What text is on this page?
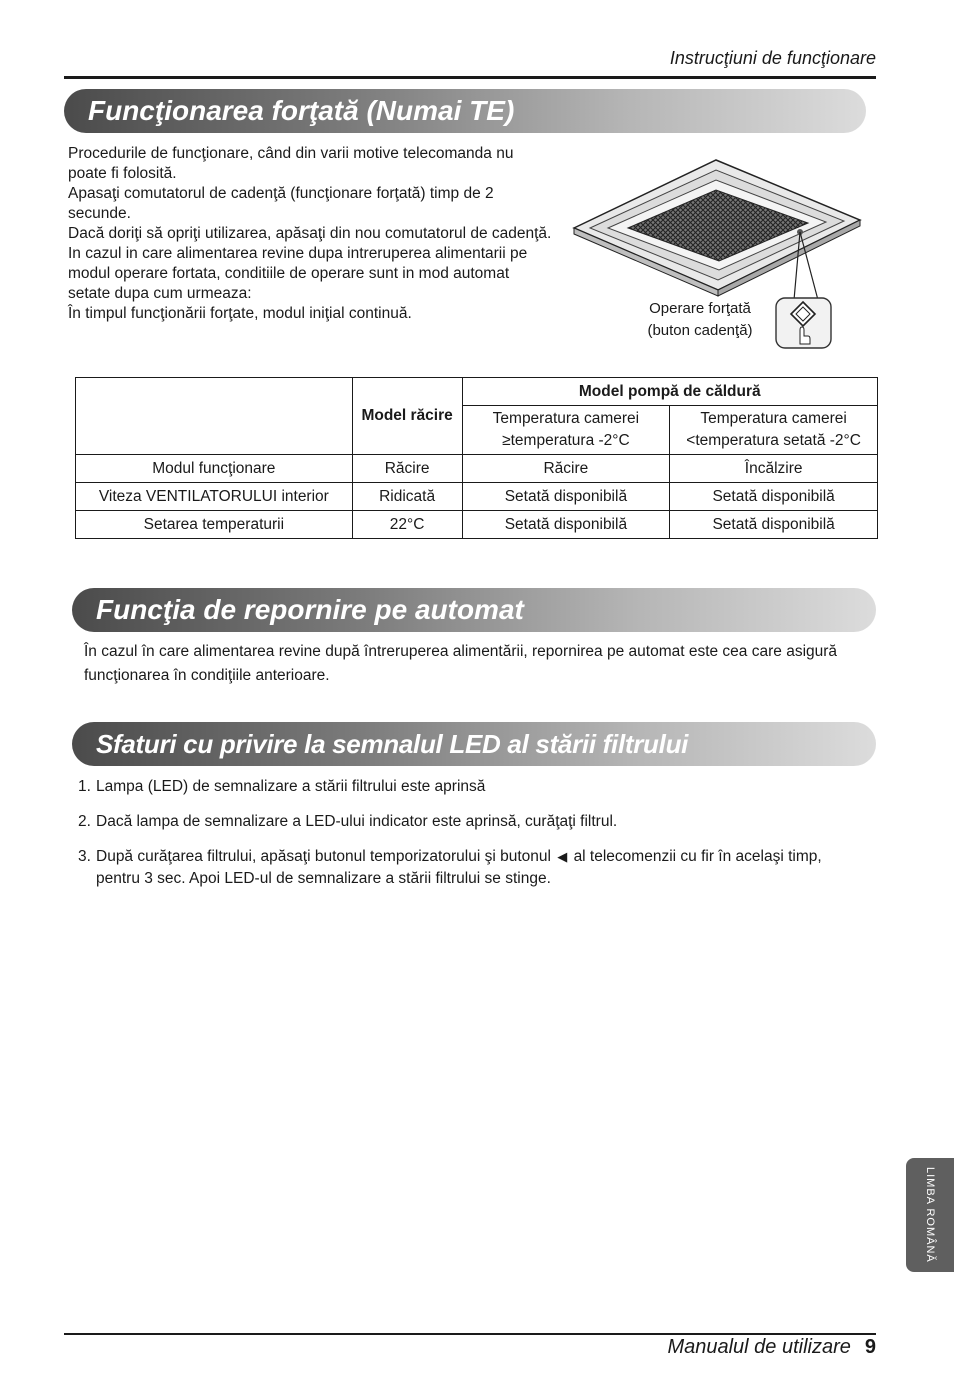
Instrucţiuni de funcţionare
Funcţionarea forţată (Numai TE)

Procedurile de funcţionare, când din varii motive telecomanda nu poate fi folosită.

Apasaţi comutatorul de cadenţă (funcţionare forţată) timp de 2 secunde.

Dacă doriţi să opriţi utilizarea, apăsaţi din nou comutatorul de cadenţă.

In cazul in care alimentarea revine dupa intreruperea alimentarii pe modul operare fortata, conditiile de operare sunt in mod automat setate dupa cum urmeaza:

În timpul funcţionării forţate, modul iniţial continuă.	Operare forţată
(buton cadenţă)
	Model răcire	Model pompă de căldură	
		Temperatura camerei ≥temperatura -2°C	Temperatura camerei <temperatura setată -2°C
Modul funcţionare	Răcire	Răcire	Încălzire
Viteza VENTILATORULUI interior	Ridicată	Setată disponibilă	Setată disponibilă
Setarea temperaturii	22°C	Setată disponibilă	Setată disponibilă
Funcţia de repornire pe automat

În cazul în care alimentarea revine după întreruperea alimentării, repornirea pe automat este cea care asigură funcţionarea în condiţiile anterioare.

Sfaturi cu privire la semnalul LED al stării filtrului
1. Lampa (LED) de semnalizare a stării filtrului este aprinsă
2. Dacă lampa de semnalizare a LED-ului indicator este aprinsă, curăţaţi filtrul.
3. După curăţarea filtrului, apăsaţi butonul temporizatorului şi butonul ◀ al telecomenzii cu fir în acelaşi timp, pentru 3 sec. Apoi LED-ul de semnalizare a stării filtrului se stinge.
LIMBA ROMÂNĂ
Manualul de utilizare 9
